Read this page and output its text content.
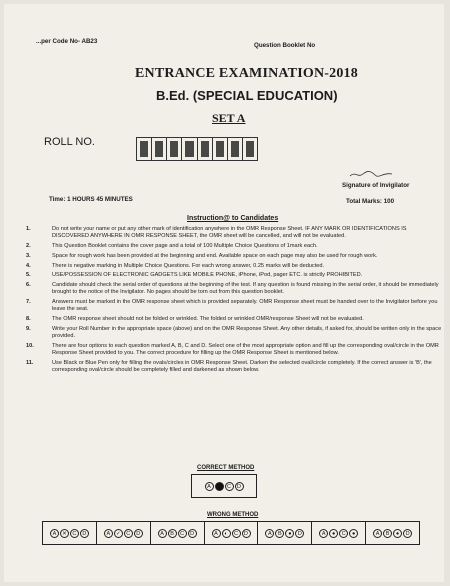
...per Code No- AB23
Question Booklet No
ENTRANCE EXAMINATION-2018
B.Ed. (SPECIAL EDUCATION)
SET A
ROLL NO.
Signature of Invigilator
Time: 1 HOURS 45 MINUTES	Total Marks: 100
Instruction@ to Candidates
1.	Do not write your name or put any other mark of identification anywhere in the OMR Response Sheet. IF ANY MARK OR IDENTIFICATIONS IS DISCOVERED ANYWHERE IN OMR RESPONSE SHEET, the OMR sheet will be cancelled, and will not be evaluated.
2.	This Question Booklet contains the cover page and a total of 100 Multiple Choice Questions of 1mark each.
3.	Space for rough work has been provided at the beginning and end. Available space on each page may also be used for rough work.
4.	There is negative marking in Multiple Choice Questions. For each wrong answer, 0.25 marks will be deducted.
5.	USE/POSSESSION OF ELECTRONIC GADGETS LIKE MOBILE PHONE, iPhone, iPod, pager ETC. is strictly PROHIBITED.
6.	Candidate should check the serial order of questions at the beginning of the test. If any question is found missing in the serial order, it should be immediately brought to the notice of the Invigilator. No pages should be torn out from this question booklet.
7.	Answers must be marked in the OMR response sheet which is provided separately. OMR Response sheet must be handed over to the Invigilator before you leave the seat.
8.	The OMR response sheet should not be folded or wrinkled. The folded or wrinkled OMR/response Sheet will not be evaluated.
9.	Write your Roll Number in the appropriate space (above) and on the OMR Response Sheet. Any other details, if asked for, should be written only in the space provided.
10.	There are four options to each question marked A, B, C and D. Select one of the most appropriate option and fill up the corresponding oval/circle in the OMR Response Sheet provided to you. The correct procedure for filling up the OMR Response Sheet is mentioned below.
11.	Use Black or Blue Pen only for filling the ovals/circles in OMR Response Sheet. Darken the selected oval/circle completely. If the correct answer is 'B', the corresponding oval/circle should be completely filled and darkened as shown below.
CORRECT METHOD
A	B	C	D
WRONG METHOD
A	✕	C	D	A	✓	C	D	A	B	C	D	A	◐	C	D	A	B	●	D	A	●	C	●	A	B	●	D
